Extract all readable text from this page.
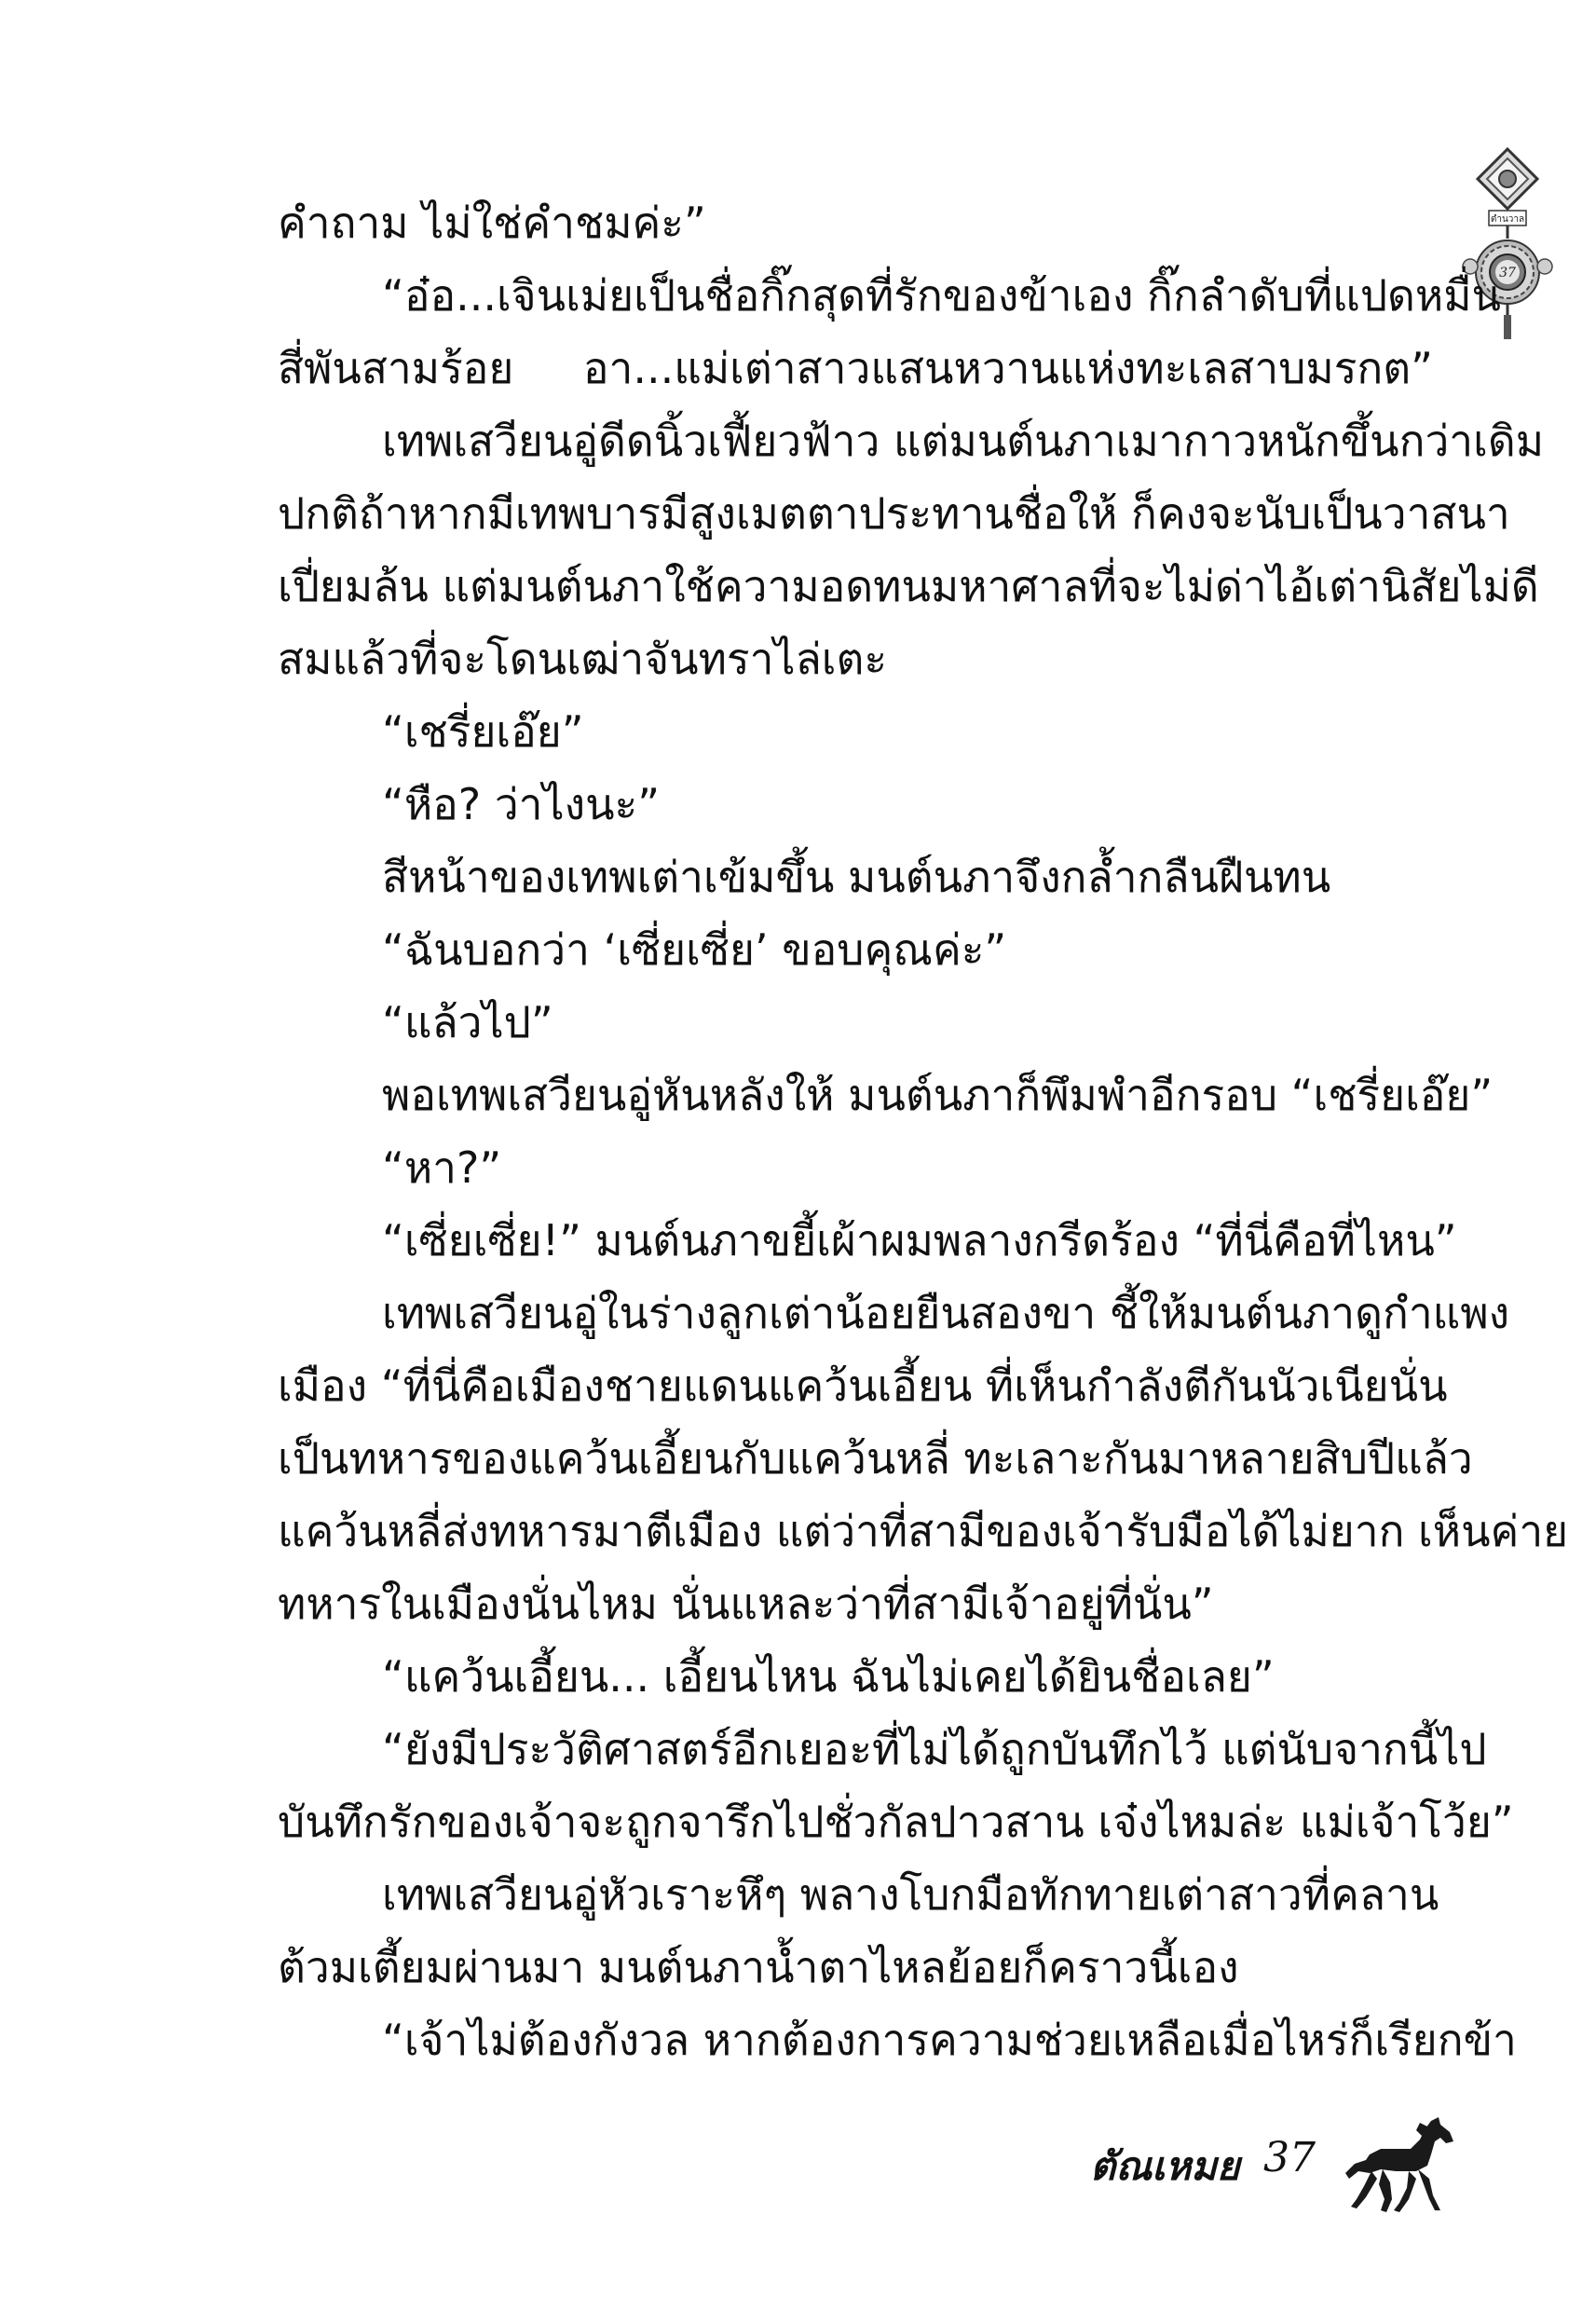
ตำนวาล
37
คำถาม ไม่ใช่คำชมค่ะ”
“อ๋อ...เจินเม่ยเป็นชื่อกิ๊กสุดที่รักของข้าเอง กิ๊กลำดับที่แปดหมื่น
สี่พันสามร้อย อา...แม่เต่าสาวแสนหวานแห่งทะเลสาบมรกต”
เทพเสวียนอู่ดีดนิ้วเฟี้ยวฟ้าว แต่มนต์นภาเมากาวหนักขึ้นกว่าเดิม
ปกติถ้าหากมีเทพบารมีสูงเมตตาประทานชื่อให้ ก็คงจะนับเป็นวาสนา
เปี่ยมล้น แต่มนต์นภาใช้ความอดทนมหาศาลที่จะไม่ด่าไอ้เต่านิสัยไม่ดี
สมแล้วที่จะโดนเฒ่าจันทราไล่เตะ
“เชรี่ยเอ๊ย”
“หือ? ว่าไงนะ”
สีหน้าของเทพเต่าเข้มขึ้น มนต์นภาจึงกล้ำกลืนฝืนทน
“ฉันบอกว่า ‘เซี่ยเซี่ย’ ขอบคุณค่ะ”
“แล้วไป”
พอเทพเสวียนอู่หันหลังให้ มนต์นภาก็พึมพำอีกรอบ “เชรี่ยเอ๊ย”
“หา?”
“เซี่ยเซี่ย!” มนต์นภาขยี้เผ้าผมพลางกรีดร้อง “ที่นี่คือที่ไหน”
เทพเสวียนอู่ในร่างลูกเต่าน้อยยืนสองขา ชี้ให้มนต์นภาดูกำแพง
เมือง “ที่นี่คือเมืองชายแดนแคว้นเอี้ยน ที่เห็นกำลังตีกันนัวเนียนั่น
เป็นทหารของแคว้นเอี้ยนกับแคว้นหลี่ ทะเลาะกันมาหลายสิบปีแล้ว
แคว้นหลี่ส่งทหารมาตีเมือง แต่ว่าที่สามีของเจ้ารับมือได้ไม่ยาก เห็นค่าย
ทหารในเมืองนั่นไหม นั่นแหละว่าที่สามีเจ้าอยู่ที่นั่น”
“แคว้นเอี้ยน... เอี้ยนไหน ฉันไม่เคยได้ยินชื่อเลย”
“ยังมีประวัติศาสตร์อีกเยอะที่ไม่ได้ถูกบันทึกไว้ แต่นับจากนี้ไป
บันทึกรักของเจ้าจะถูกจารึกไปชั่วกัลปาวสาน เจ๋งไหมล่ะ แม่เจ้าโว้ย”
เทพเสวียนอู่หัวเราะหึๆ พลางโบกมือทักทายเต่าสาวที่คลาน
ต้วมเตี้ยมผ่านมา มนต์นภาน้ำตาไหลย้อยก็คราวนี้เอง
“เจ้าไม่ต้องกังวล หากต้องการความช่วยเหลือเมื่อไหร่ก็เรียกข้า
ตัณเหมย 37
